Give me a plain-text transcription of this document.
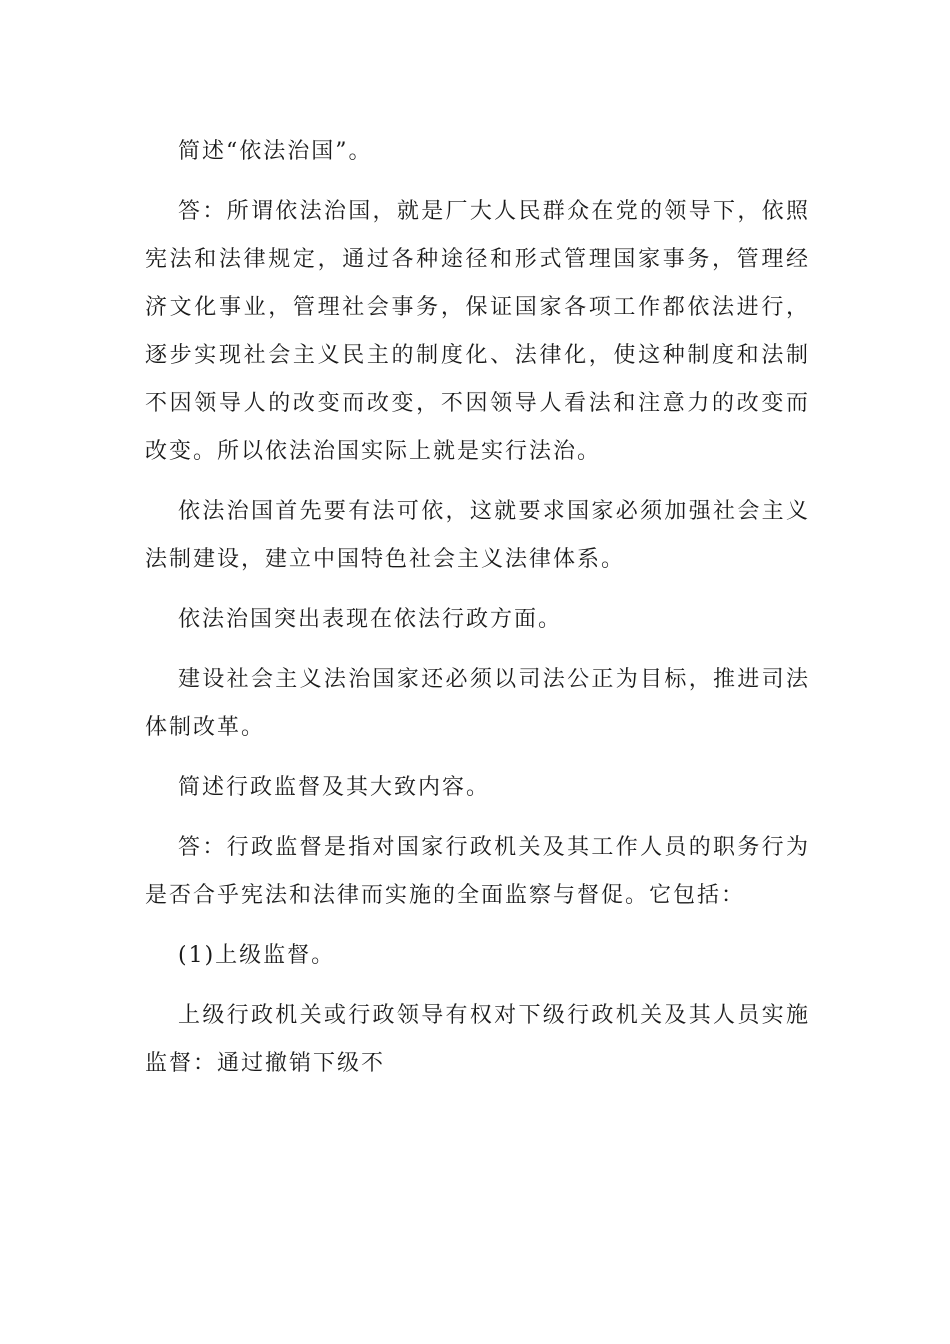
简述“依法治国”。

答：所谓依法治国，就是厂大人民群众在党的领导下，依照宪法和法律规定，通过各种途径和形式管理国家事务，管理经济文化事业，管理社会事务，保证国家各项工作都依法进行，逐步实现社会主义民主的制度化、法律化，使这种制度和法制不因领导人的改变而改变，不因领导人看法和注意力的改变而改变。所以依法治国实际上就是实行法治。

依法治国首先要有法可依，这就要求国家必须加强社会主义法制建设，建立中国特色社会主义法律体系。

依法治国突出表现在依法行政方面。

建设社会主义法治国家还必须以司法公正为目标，推进司法体制改革。

简述行政监督及其大致内容。

答：行政监督是指对国家行政机关及其工作人员的职务行为是否合乎宪法和法律而实施的全面监察与督促。它包括：

(1)上级监督。

上级行政机关或行政领导有权对下级行政机关及其人员实施监督：通过撤销下级不
